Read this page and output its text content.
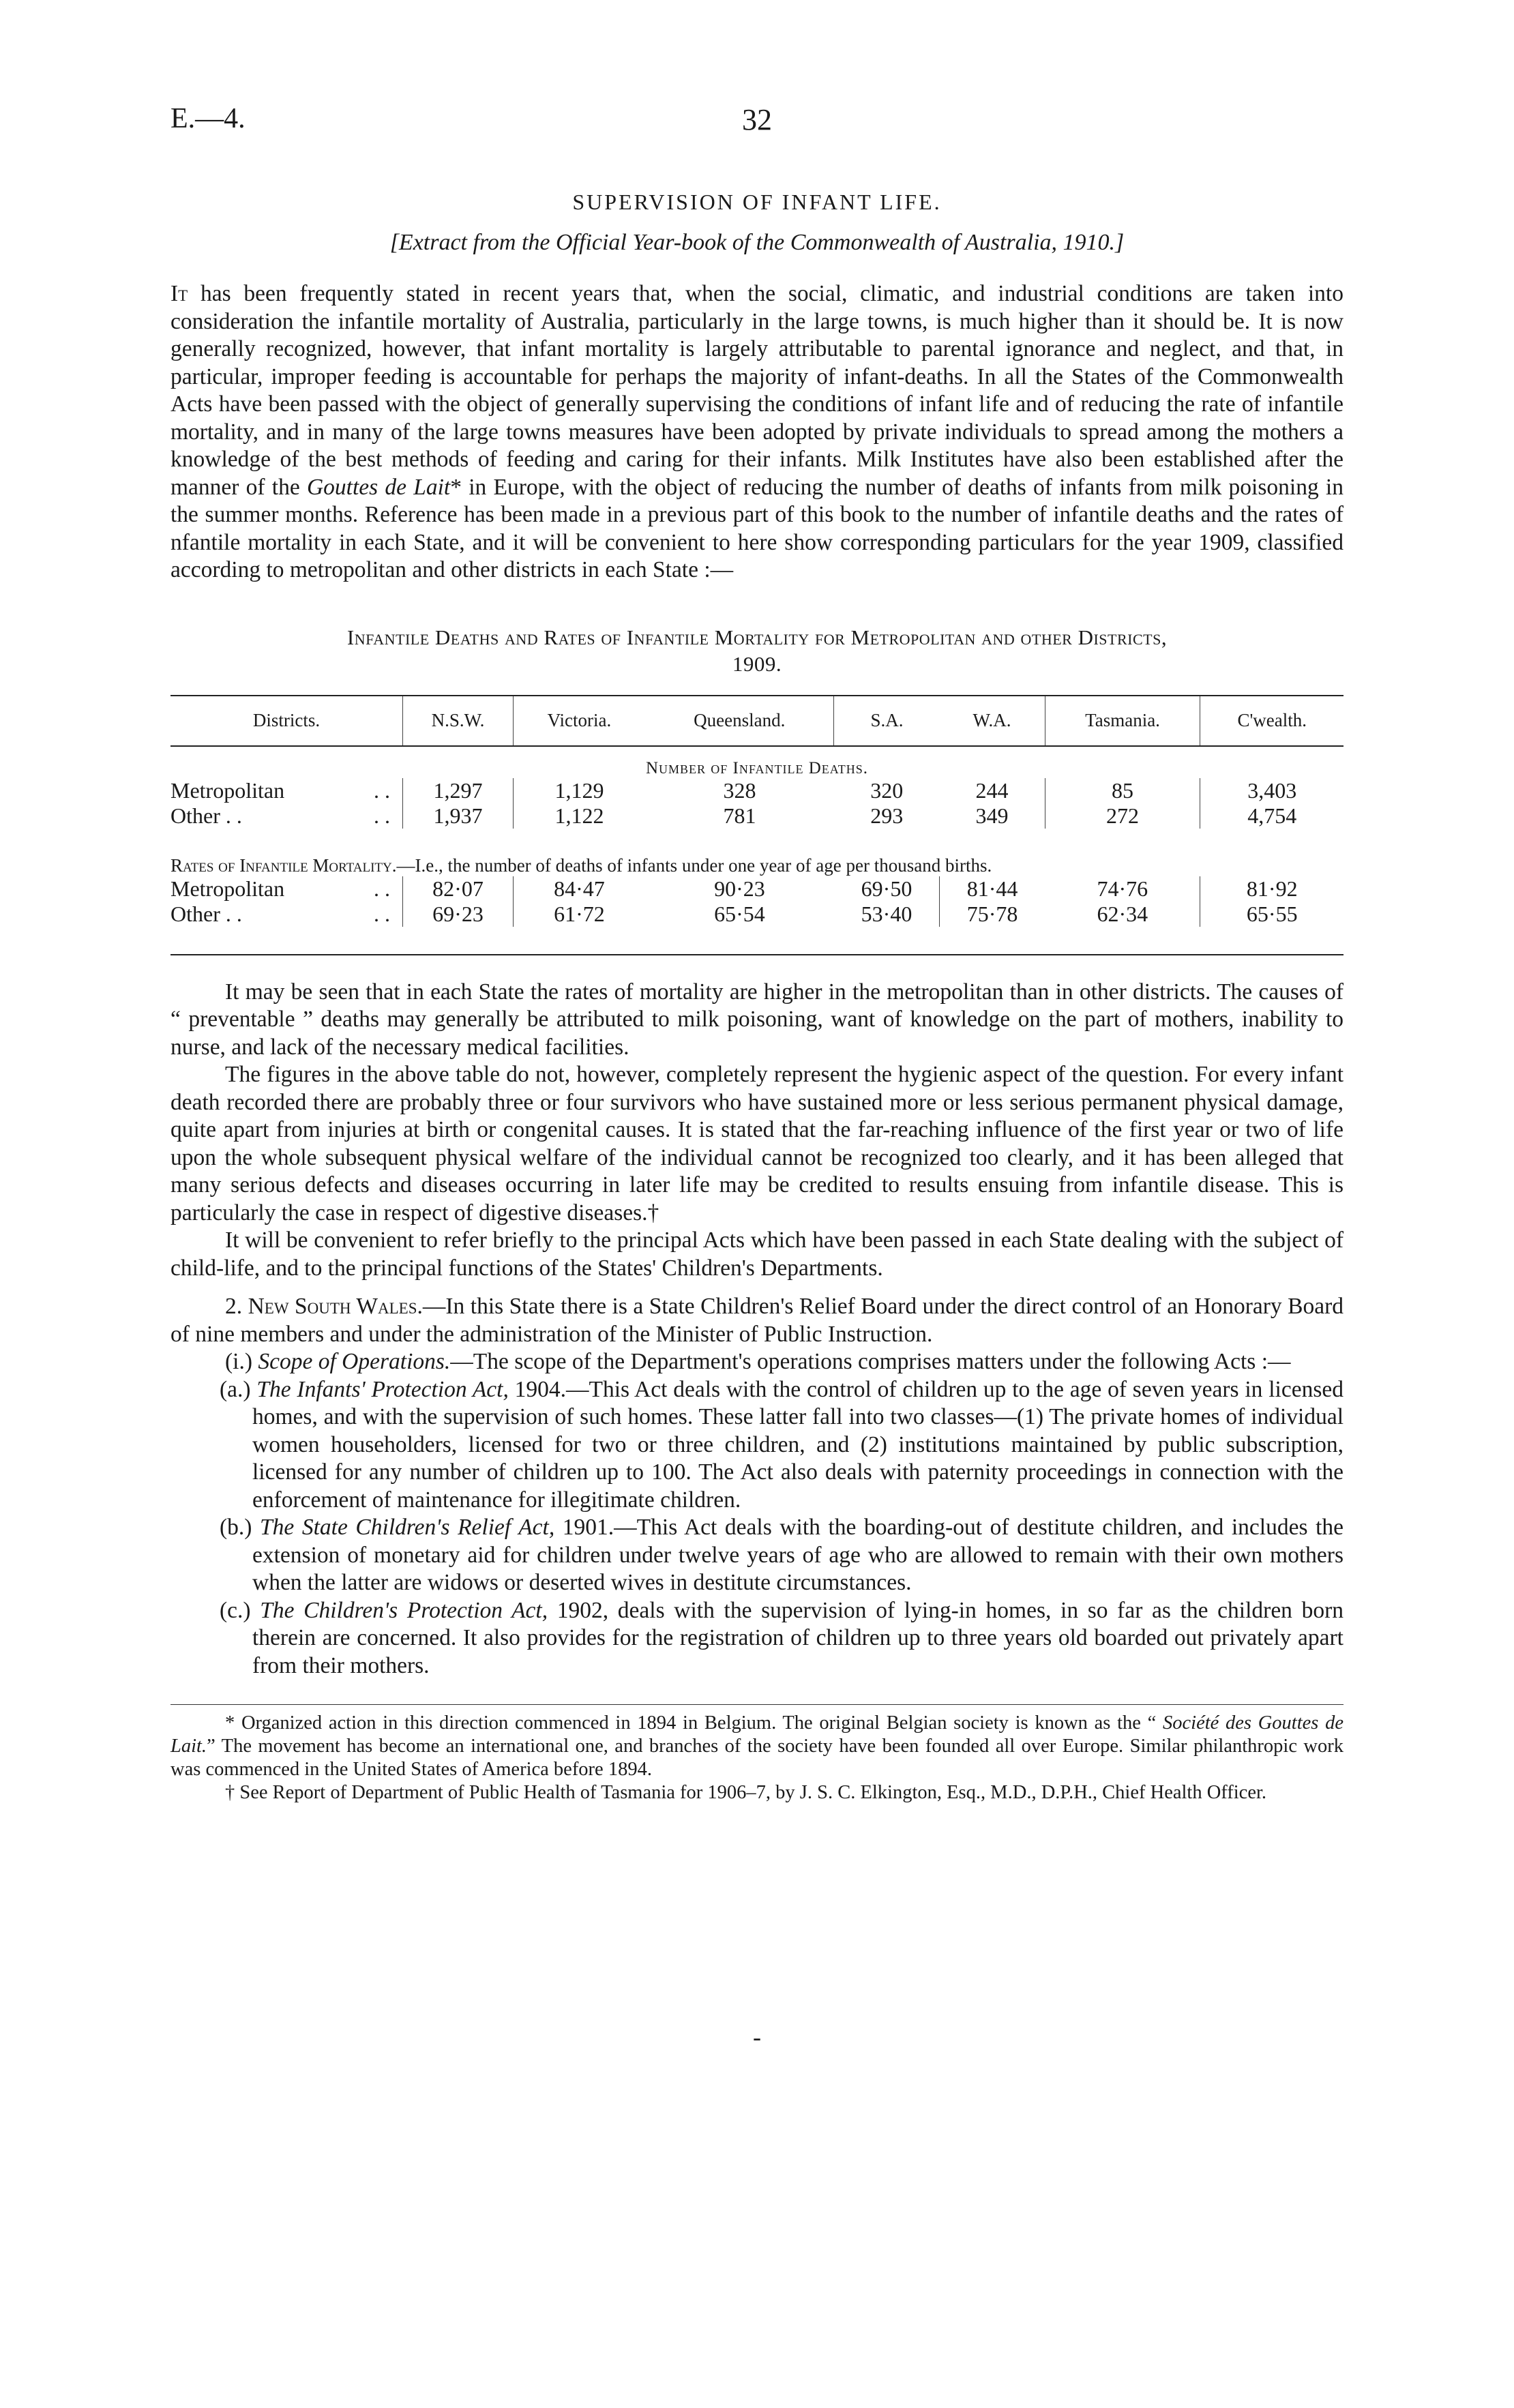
E.—4.	32
SUPERVISION OF INFANT LIFE.
[Extract from the Official Year-book of the Commonwealth of Australia, 1910.]

It has been frequently stated in recent years that, when the social, climatic, and industrial conditions are taken into consideration the infantile mortality of Australia, particularly in the large towns, is much higher than it should be. It is now generally recognized, however, that infant mortality is largely attributable to parental ignorance and neglect, and that, in particular, improper feeding is accountable for perhaps the majority of infant-deaths. In all the States of the Commonwealth Acts have been passed with the object of generally supervising the conditions of infant life and of reducing the rate of infantile mortality, and in many of the large towns measures have been adopted by private individuals to spread among the mothers a knowledge of the best methods of feeding and caring for their infants. Milk Institutes have also been established after the manner of the Gouttes de Lait* in Europe, with the object of reducing the number of deaths of infants from milk poisoning in the summer months. Reference has been made in a previous part of this book to the number of infantile deaths and the rates of nfantile mortality in each State, and it will be convenient to here show corresponding particulars for the year 1909, classified according to metropolitan and other districts in each State :—

Infantile Deaths and Rates of Infantile Mortality for Metropolitan and other Districts,
1909.
Districts.	N.S.W.	Victoria.	Queensland.	S.A.	W.A.	Tasmania.	C'wealth.
Number of Infantile Deaths.							
Metropolitan . .	1,297	1,129	328	320	244	85	3,403
Other . . . .	1,937	1,122	781	293	349	272	4,754
Rates of Infantile Mortality.—I.e., the number of deaths of infants under one year of age per thousand births.							
Metropolitan . .	82·07	84·47	90·23	69·50	81·44	74·76	81·92
Other . . . .	69·23	61·72	65·54	53·40	75·78	62·34	65·55

It may be seen that in each State the rates of mortality are higher in the metropolitan than in other districts. The causes of “ preventable ” deaths may generally be attributed to milk poisoning, want of knowledge on the part of mothers, inability to nurse, and lack of the necessary medical facilities.

The figures in the above table do not, however, completely represent the hygienic aspect of the question. For every infant death recorded there are probably three or four survivors who have sustained more or less serious permanent physical damage, quite apart from injuries at birth or congenital causes. It is stated that the far-reaching influence of the first year or two of life upon the whole subsequent physical welfare of the individual cannot be recognized too clearly, and it has been alleged that many serious defects and diseases occurring in later life may be credited to results ensuing from infantile disease. This is particularly the case in respect of digestive diseases.†

It will be convenient to refer briefly to the principal Acts which have been passed in each State dealing with the subject of child-life, and to the principal functions of the States' Children's Departments.

2. New South Wales.—In this State there is a State Children's Relief Board under the direct control of an Honorary Board of nine members and under the administration of the Minister of Public Instruction.

(i.) Scope of Operations.—The scope of the Department's operations comprises matters under the following Acts :—

(a.) The Infants' Protection Act, 1904.—This Act deals with the control of children up to the age of seven years in licensed homes, and with the supervision of such homes. These latter fall into two classes—(1) The private homes of individual women householders, licensed for two or three children, and (2) institutions maintained by public subscription, licensed for any number of children up to 100. The Act also deals with paternity proceedings in connection with the enforcement of maintenance for illegitimate children.

(b.) The State Children's Relief Act, 1901.—This Act deals with the boarding-out of destitute children, and includes the extension of monetary aid for children under twelve years of age who are allowed to remain with their own mothers when the latter are widows or deserted wives in destitute circumstances.

(c.) The Children's Protection Act, 1902, deals with the supervision of lying-in homes, in so far as the children born therein are concerned. It also provides for the registration of children up to three years old boarded out privately apart from their mothers.

* Organized action in this direction commenced in 1894 in Belgium. The original Belgian society is known as the “ Société des Gouttes de Lait.” The movement has become an international one, and branches of the society have been founded all over Europe. Similar philanthropic work was commenced in the United States of America before 1894.

† See Report of Department of Public Health of Tasmania for 1906–7, by J. S. C. Elkington, Esq., M.D., D.P.H., Chief Health Officer.

-
